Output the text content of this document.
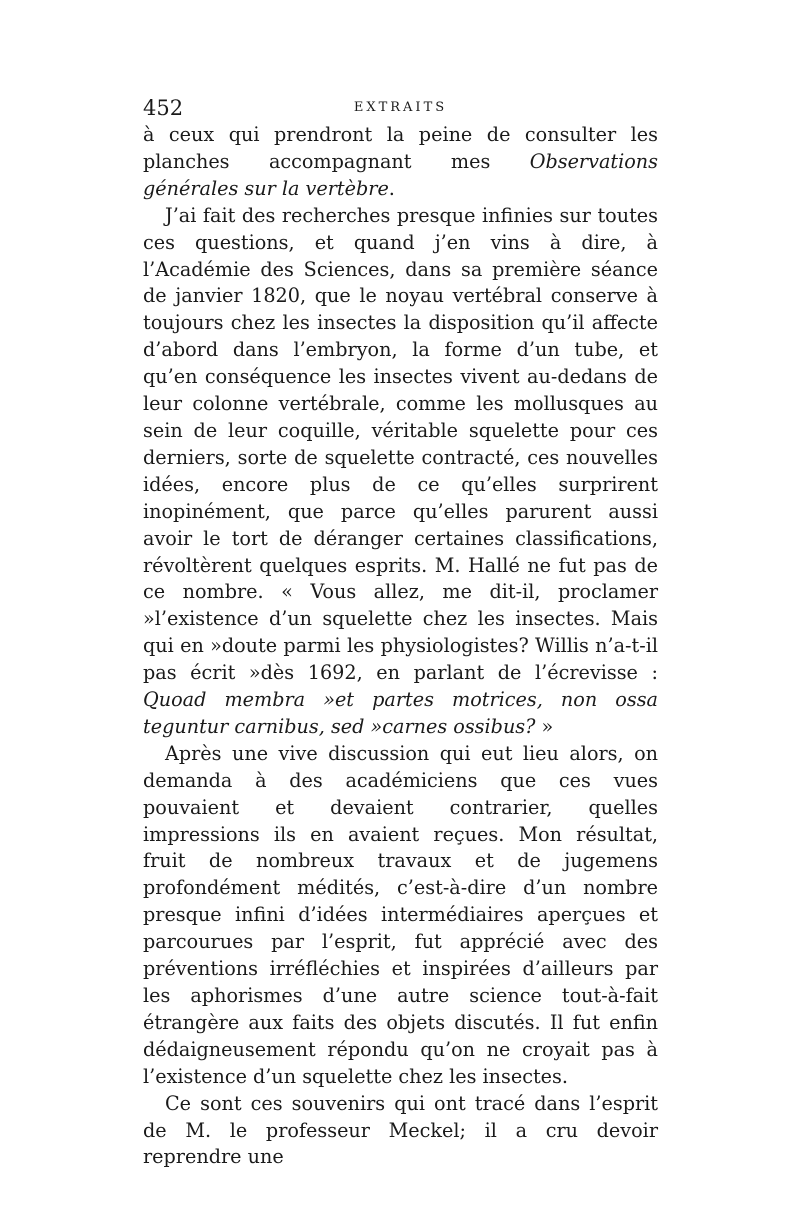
452	EXTRAITS

à ceux qui prendront la peine de consulter les planches accompagnant mes Observations générales sur la vertèbre.

J’ai fait des recherches presque infinies sur toutes ces questions, et quand j’en vins à dire, à l’Académie des Sciences, dans sa première séance de janvier 1820, que le noyau vertébral conserve à toujours chez les insectes la disposition qu’il affecte d’abord dans l’embryon, la forme d’un tube, et qu’en conséquence les insectes vivent au-dedans de leur colonne vertébrale, comme les mollusques au sein de leur coquille, véritable squelette pour ces derniers, sorte de squelette contracté, ces nouvelles idées, encore plus de ce qu’elles surprirent inopinément, que parce qu’elles parurent aussi avoir le tort de déranger certaines classifications, révoltèrent quelques esprits. M. Hallé ne fut pas de ce nombre. « Vous allez, me dit-il, proclamer »l’existence d’un squelette chez les insectes. Mais qui en »doute parmi les physiologistes? Willis n’a-t-il pas écrit »dès 1692, en parlant de l’écrevisse : Quoad membra »et partes motrices, non ossa teguntur carnibus, sed »carnes ossibus? »

Après une vive discussion qui eut lieu alors, on demanda à des académiciens que ces vues pouvaient et devaient contrarier, quelles impressions ils en avaient reçues. Mon résultat, fruit de nombreux travaux et de jugemens profondément médités, c’est-à-dire d’un nombre presque infini d’idées intermédiaires aperçues et parcourues par l’esprit, fut apprécié avec des préventions irréfléchies et inspirées d’ailleurs par les aphorismes d’une autre science tout-à-fait étrangère aux faits des objets discutés. Il fut enfin dédaigneusement répondu qu’on ne croyait pas à l’existence d’un squelette chez les insectes.

Ce sont ces souvenirs qui ont tracé dans l’esprit de M. le professeur Meckel; il a cru devoir reprendre une
